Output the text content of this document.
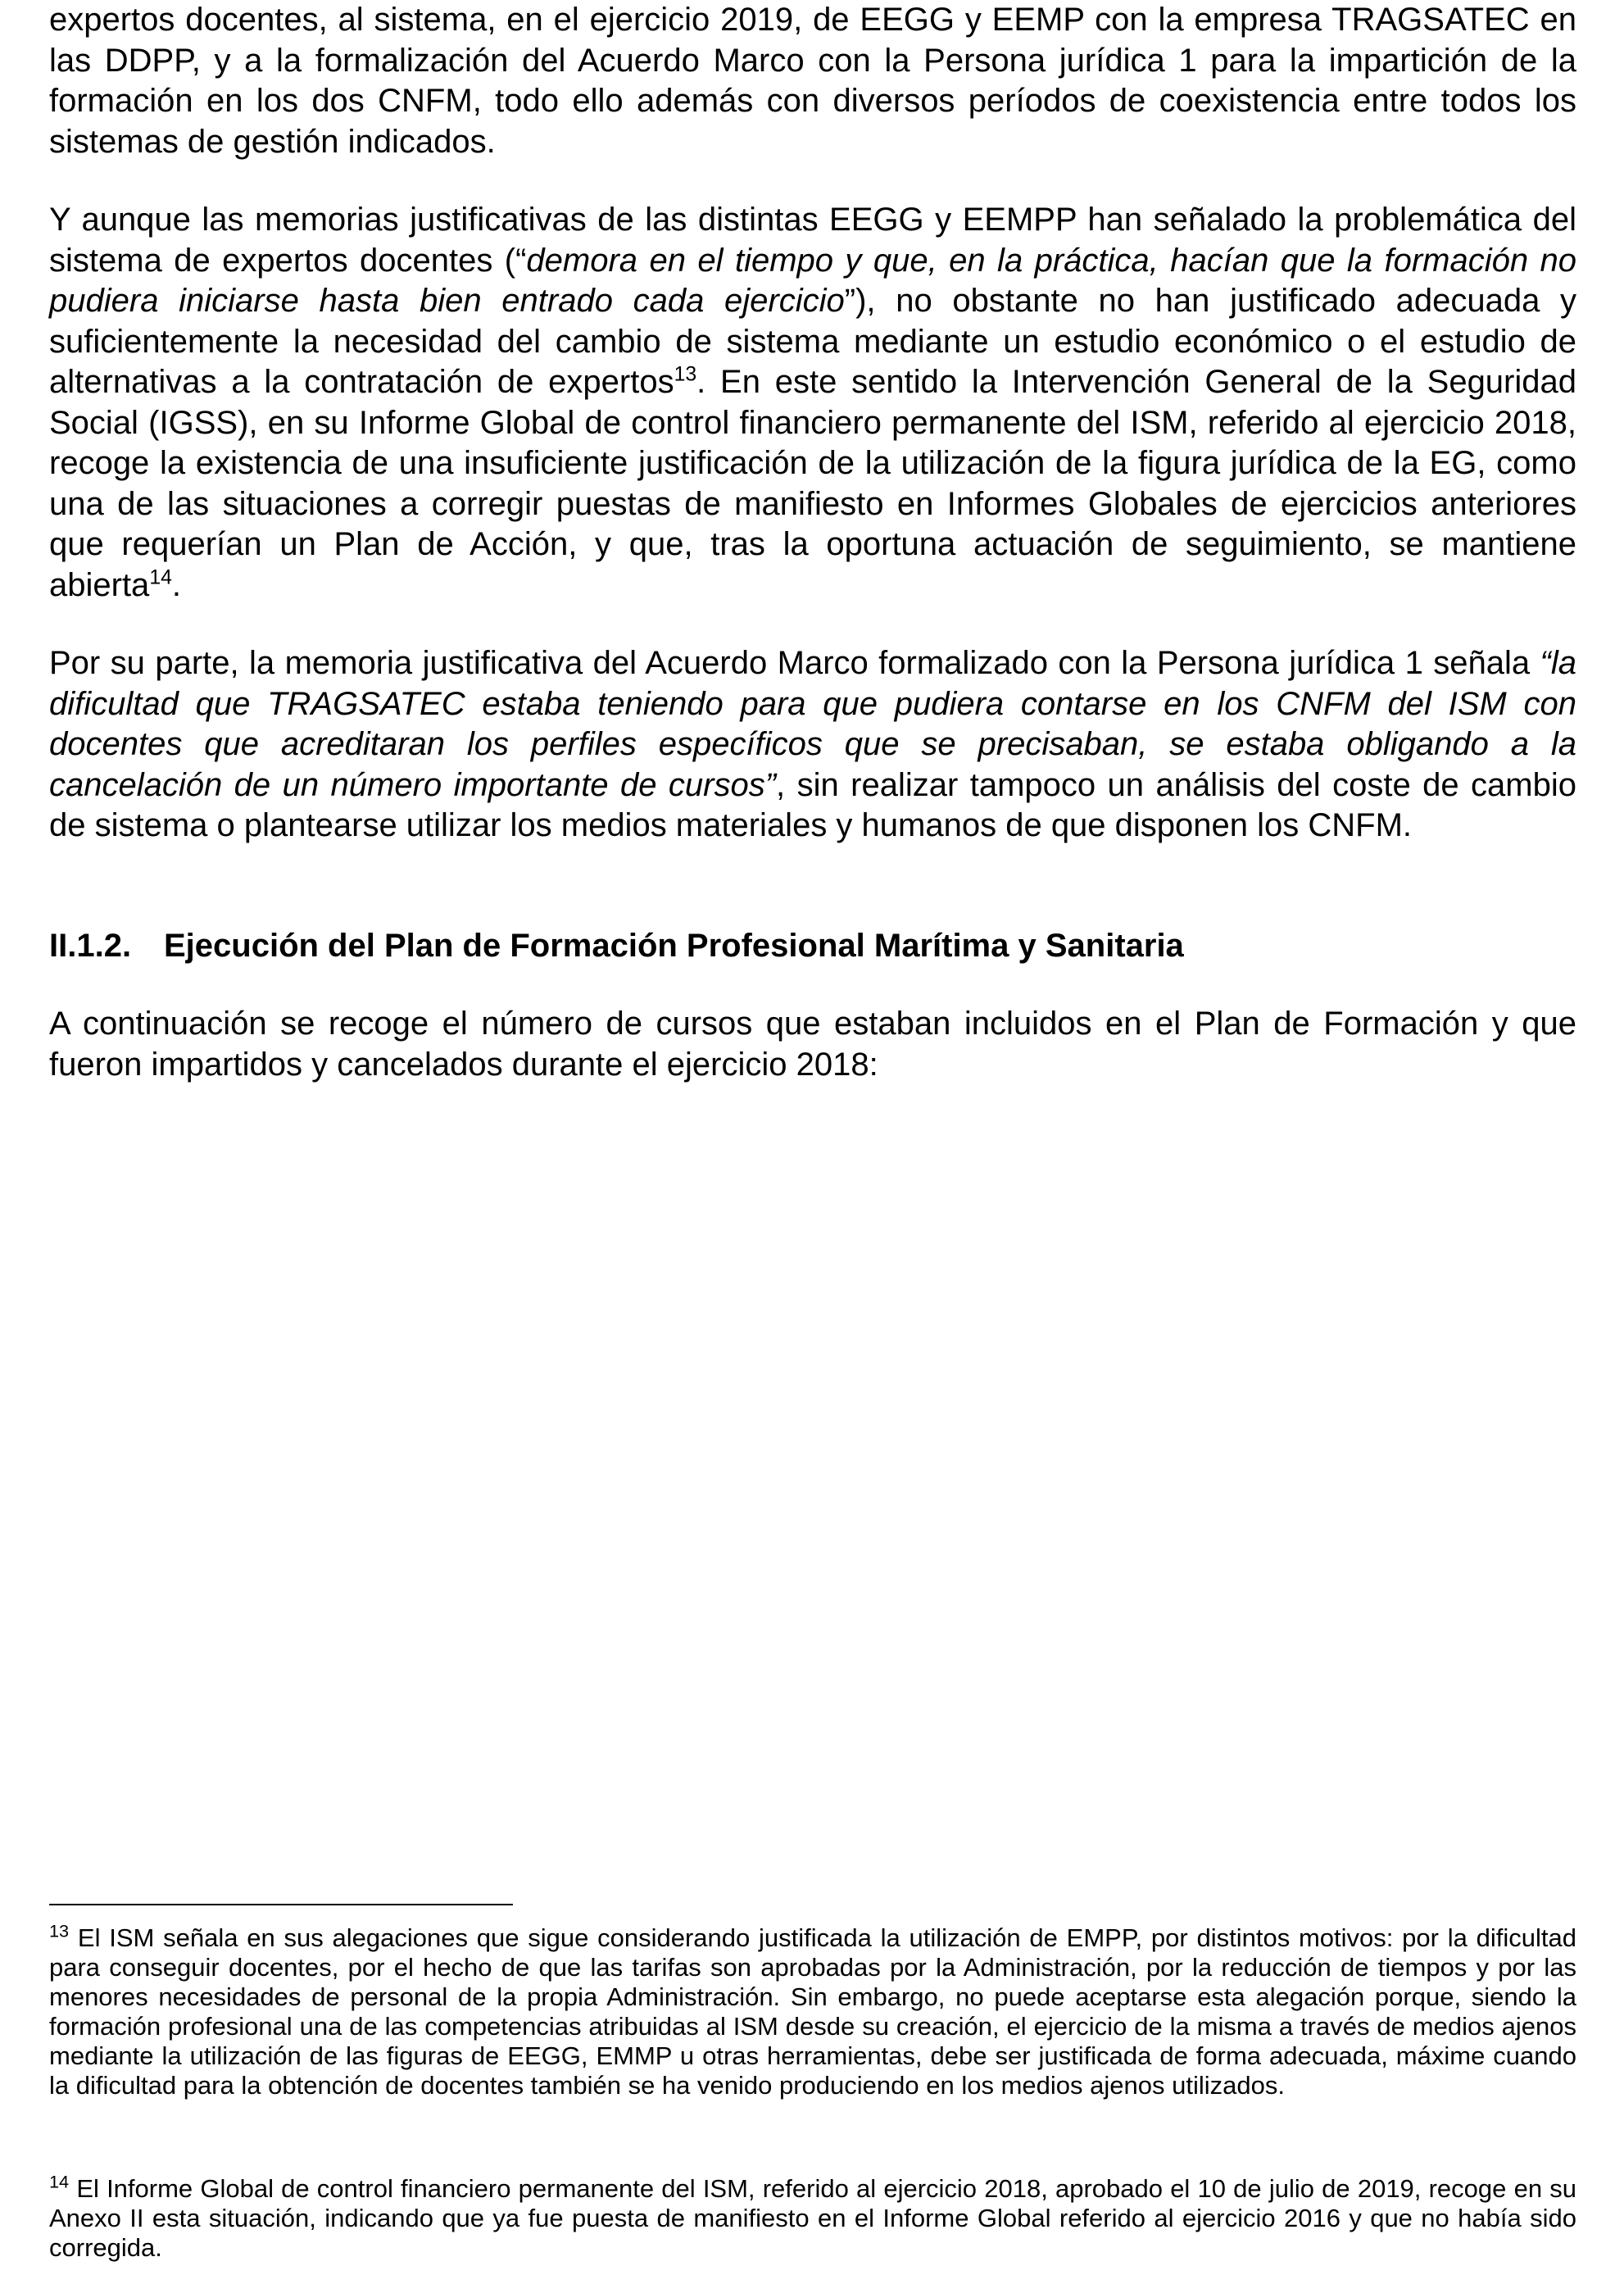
expertos docentes, al sistema, en el ejercicio 2019, de EEGG y EEMP con la empresa TRAGSATEC en las DDPP, y a la formalización del Acuerdo Marco con la Persona jurídica 1 para la impartición de la formación en los dos CNFM, todo ello además con diversos períodos de coexistencia entre todos los sistemas de gestión indicados.

Y aunque las memorias justificativas de las distintas EEGG y EEMPP han señalado la problemática del sistema de expertos docentes (“demora en el tiempo y que, en la práctica, hacían que la formación no pudiera iniciarse hasta bien entrado cada ejercicio”), no obstante no han justificado adecuada y suficientemente la necesidad del cambio de sistema mediante un estudio económico o el estudio de alternativas a la contratación de expertos$^{13}$. En este sentido la Intervención General de la Seguridad Social (IGSS), en su Informe Global de control financiero permanente del ISM, referido al ejercicio 2018, recoge la existencia de una insuficiente justificación de la utilización de la figura jurídica de la EG, como una de las situaciones a corregir puestas de manifiesto en Informes Globales de ejercicios anteriores que requerían un Plan de Acción, y que, tras la oportuna actuación de seguimiento, se mantiene abierta$^{14}$.

Por su parte, la memoria justificativa del Acuerdo Marco formalizado con la Persona jurídica 1 señala “la dificultad que TRAGSATEC estaba teniendo para que pudiera contarse en los CNFM del ISM con docentes que acreditaran los perfiles específicos que se precisaban, se estaba obligando a la cancelación de un número importante de cursos”, sin realizar tampoco un análisis del coste de cambio de sistema o plantearse utilizar los medios materiales y humanos de que disponen los CNFM.

II.1.2. Ejecución del Plan de Formación Profesional Marítima y Sanitaria

A continuación se recoge el número de cursos que estaban incluidos en el Plan de Formación y que fueron impartidos y cancelados durante el ejercicio 2018:

$^{13}$ El ISM señala en sus alegaciones que sigue considerando justificada la utilización de EMPP, por distintos motivos: por la dificultad para conseguir docentes, por el hecho de que las tarifas son aprobadas por la Administración, por la reducción de tiempos y por las menores necesidades de personal de la propia Administración. Sin embargo, no puede aceptarse esta alegación porque, siendo la formación profesional una de las competencias atribuidas al ISM desde su creación, el ejercicio de la misma a través de medios ajenos mediante la utilización de las figuras de EEGG, EMMP u otras herramientas, debe ser justificada de forma adecuada, máxime cuando la dificultad para la obtención de docentes también se ha venido produciendo en los medios ajenos utilizados.

$^{14}$ El Informe Global de control financiero permanente del ISM, referido al ejercicio 2018, aprobado el 10 de julio de 2019, recoge en su Anexo II esta situación, indicando que ya fue puesta de manifiesto en el Informe Global referido al ejercicio 2016 y que no había sido corregida.
